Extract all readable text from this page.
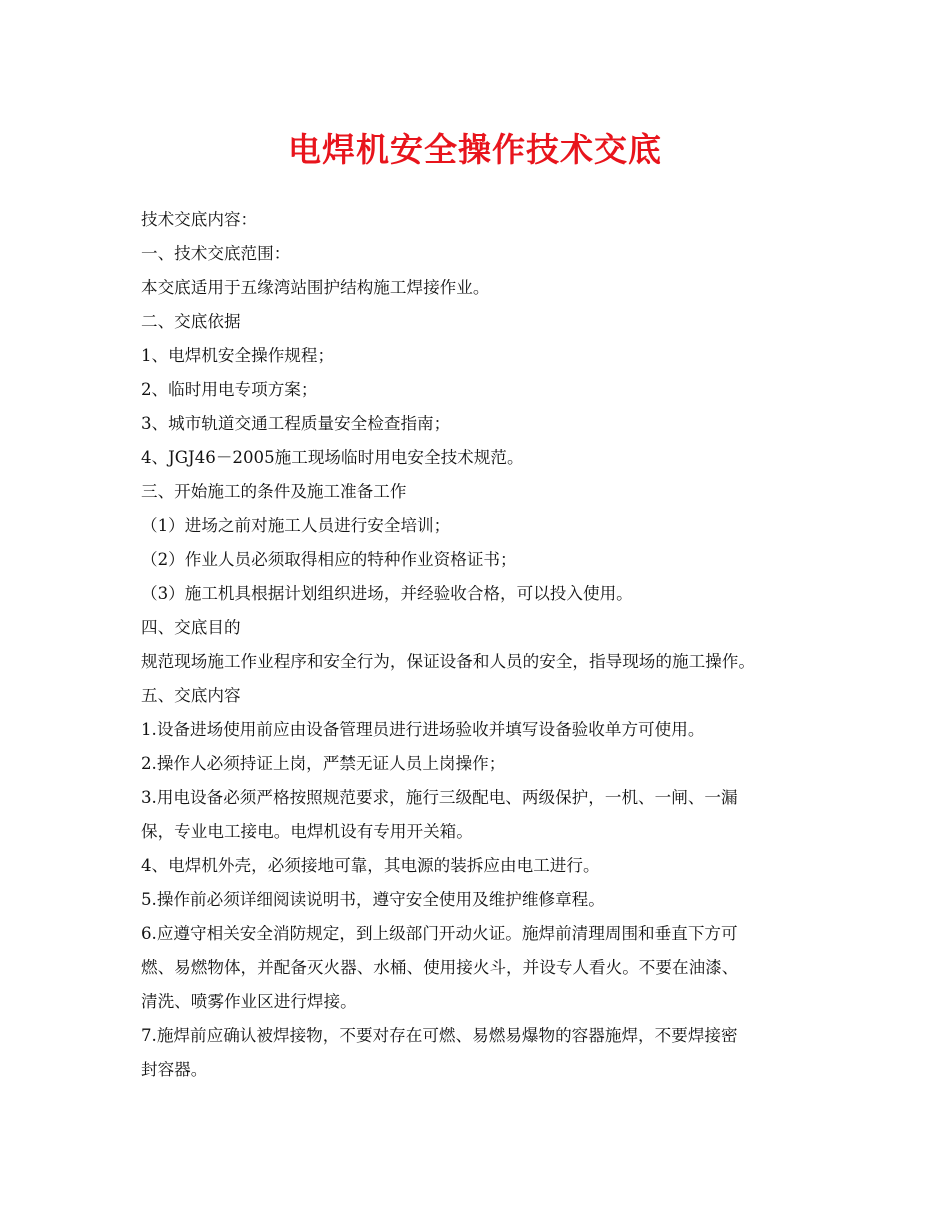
电焊机安全操作技术交底
技术交底内容：
一、技术交底范围：
本交底适用于五缘湾站围护结构施工焊接作业。
二、交底依据
1、电焊机安全操作规程；
2、临时用电专项方案；
3、城市轨道交通工程质量安全检查指南；
4、JGJ46－2005施工现场临时用电安全技术规范。
三、开始施工的条件及施工准备工作
（1）进场之前对施工人员进行安全培训；
（2）作业人员必须取得相应的特种作业资格证书；
（3）施工机具根据计划组织进场，并经验收合格，可以投入使用。
四、交底目的
规范现场施工作业程序和安全行为，保证设备和人员的安全，指导现场的施工操作。
五、交底内容
1.设备进场使用前应由设备管理员进行进场验收并填写设备验收单方可使用。
2.操作人必须持证上岗，严禁无证人员上岗操作；
3.用电设备必须严格按照规范要求，施行三级配电、两级保护，一机、一闸、一漏
保，专业电工接电。电焊机设有专用开关箱。
4、电焊机外壳，必须接地可靠，其电源的装拆应由电工进行。
5.操作前必须详细阅读说明书，遵守安全使用及维护维修章程。
6.应遵守相关安全消防规定，到上级部门开动火证。施焊前清理周围和垂直下方可
燃、易燃物体，并配备灭火器、水桶、使用接火斗，并设专人看火。不要在油漆、
清洗、喷雾作业区进行焊接。
7.施焊前应确认被焊接物，不要对存在可燃、易燃易爆物的容器施焊，不要焊接密
封容器。
